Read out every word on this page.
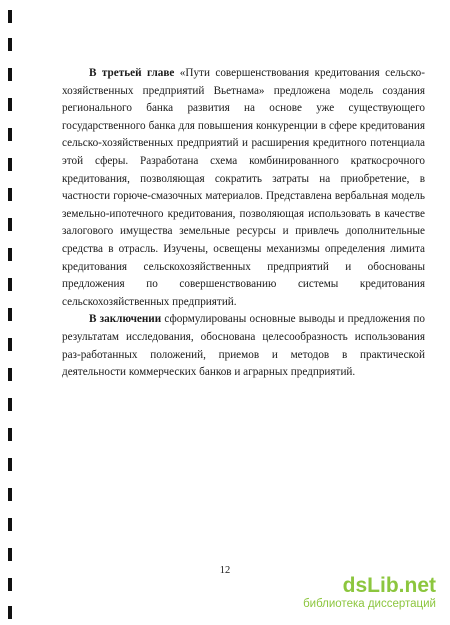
В третьей главе «Пути совершенствования кредитования сельско-хозяйственных предприятий Вьетнама» предложена модель создания регионального банка развития на основе уже существующего государственного банка для повышения конкуренции в сфере кредитования сельско-хозяйственных предприятий и расширения кредитного потенциала этой сферы. Разработана схема комбинированного краткосрочного кредитования, позволяющая сократить затраты на приобретение, в частности горюче-смазочных материалов. Представлена вербальная модель земельно-ипотечного кредитования, позволяющая использовать в качестве залогового имущества земельные ресурсы и привлечь дополнительные средства в отрасль. Изучены, освещены механизмы определения лимита кредитования сельскохозяйственных предприятий и обоснованы предложения по совершенствованию системы кредитования сельскохозяйственных предприятий.

В заключении сформулированы основные выводы и предложения по результатам исследования, обоснована целесообразность использования раз-работанных положений, приемов и методов в практической деятельности коммерческих банков и аграрных предприятий.

12
dsLib.net
библиотека диссертаций
